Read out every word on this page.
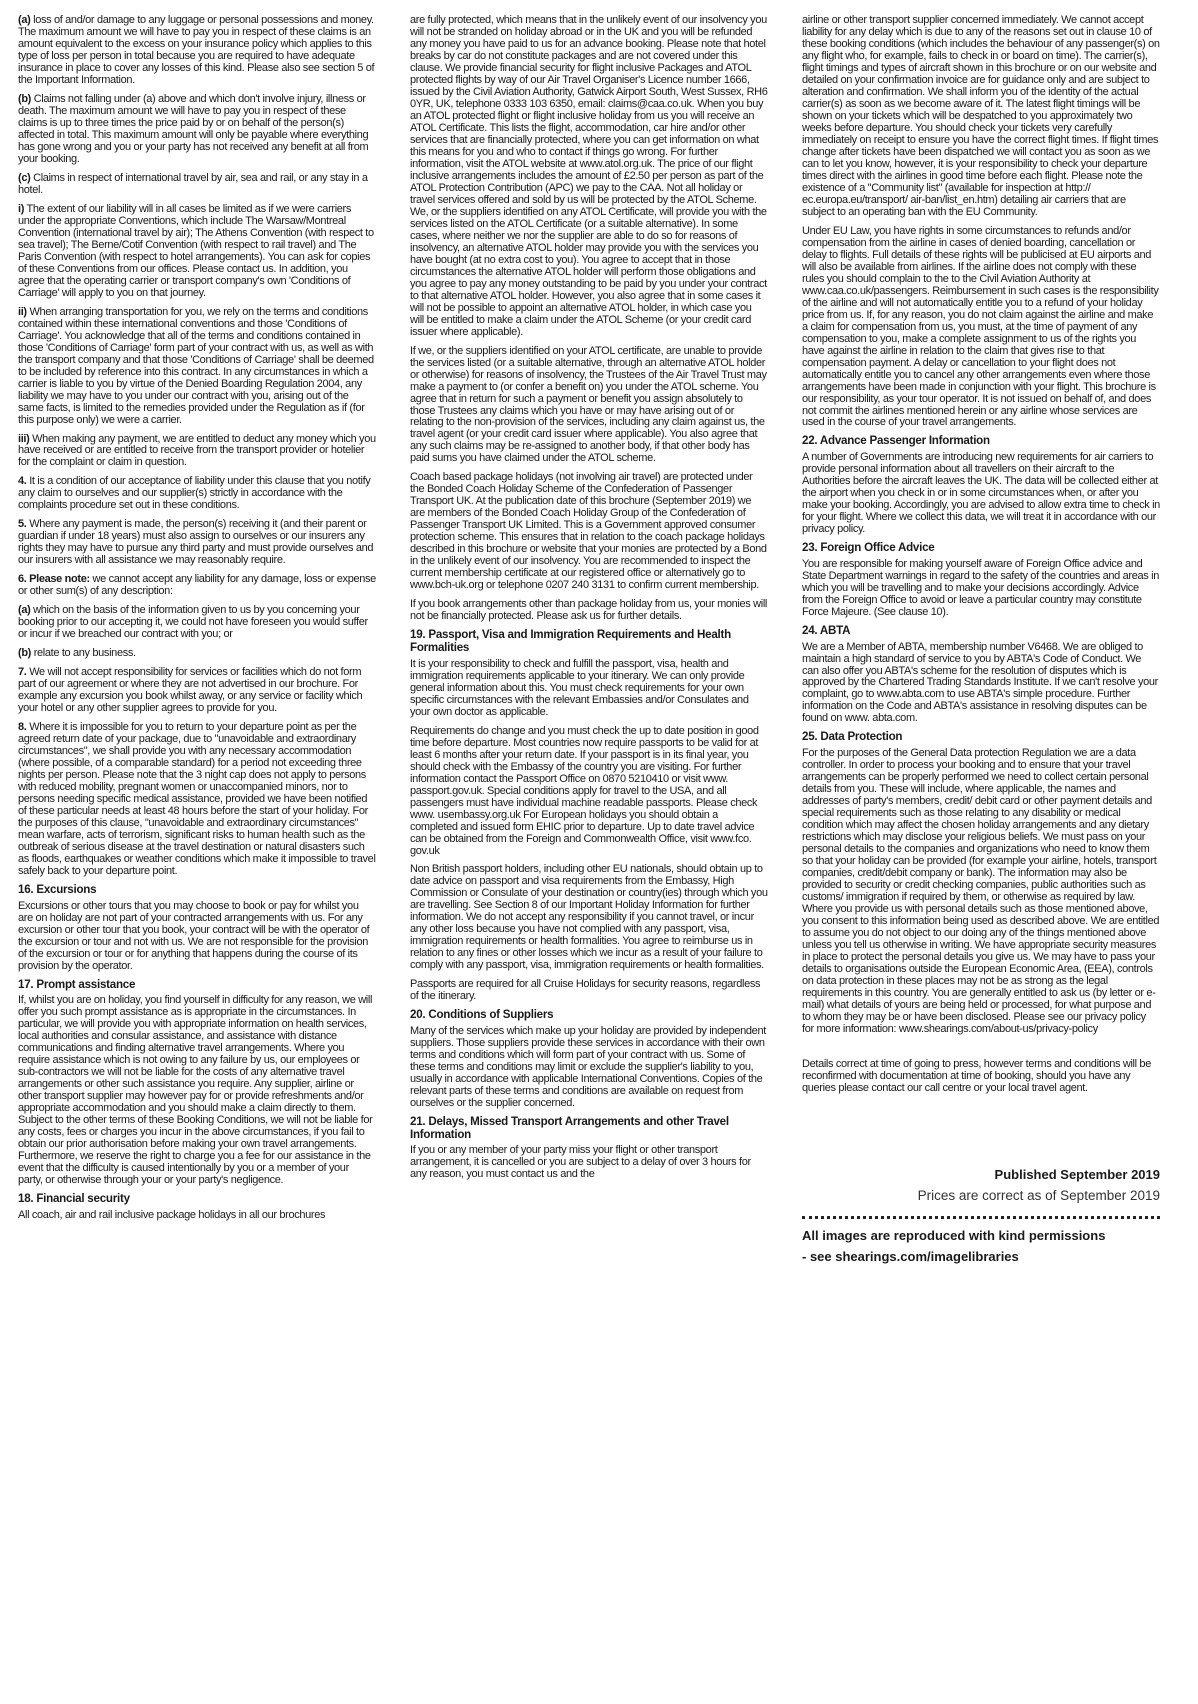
(a) loss of and/or damage to any luggage or personal possessions and money. The maximum amount we will have to pay you in respect of these claims is an amount equivalent to the excess on your insurance policy which applies to this type of loss per person in total because you are required to have adequate insurance in place to cover any losses of this kind. Please also see section 5 of the Important Information.

(b) Claims not falling under (a) above and which don't involve injury, illness or death. The maximum amount we will have to pay you in respect of these claims is up to three times the price paid by or on behalf of the person(s) affected in total. This maximum amount will only be payable where everything has gone wrong and you or your party has not received any benefit at all from your booking.

(c) Claims in respect of international travel by air, sea and rail, or any stay in a hotel.

i) The extent of our liability will in all cases be limited as if we were carriers under the appropriate Conventions, which include The Warsaw/Montreal Convention (international travel by air); The Athens Convention (with respect to sea travel); The Berne/Cotif Convention (with respect to rail travel) and The Paris Convention (with respect to hotel arrangements). You can ask for copies of these Conventions from our offices. Please contact us. In addition, you agree that the operating carrier or transport company's own 'Conditions of Carriage' will apply to you on that journey.

ii) When arranging transportation for you, we rely on the terms and conditions contained within these international conventions and those 'Conditions of Carriage'. You acknowledge that all of the terms and conditions contained in those 'Conditions of Carriage' form part of your contract with us, as well as with the transport company and that those 'Conditions of Carriage' shall be deemed to be included by reference into this contract. In any circumstances in which a carrier is liable to you by virtue of the Denied Boarding Regulation 2004, any liability we may have to you under our contract with you, arising out of the same facts, is limited to the remedies provided under the Regulation as if (for this purpose only) we were a carrier.

iii) When making any payment, we are entitled to deduct any money which you have received or are entitled to receive from the transport provider or hotelier for the complaint or claim in question.

4. It is a condition of our acceptance of liability under this clause that you notify any claim to ourselves and our supplier(s) strictly in accordance with the complaints procedure set out in these conditions.

5. Where any payment is made, the person(s) receiving it (and their parent or guardian if under 18 years) must also assign to ourselves or our insurers any rights they may have to pursue any third party and must provide ourselves and our insurers with all assistance we may reasonably require.

6. Please note: we cannot accept any liability for any damage, loss or expense or other sum(s) of any description:

(a) which on the basis of the information given to us by you concerning your booking prior to our accepting it, we could not have foreseen you would suffer or incur if we breached our contract with you; or

(b) relate to any business.

7. We will not accept responsibility for services or facilities which do not form part of our agreement or where they are not advertised in our brochure. For example any excursion you book whilst away, or any service or facility which your hotel or any other supplier agrees to provide for you.

8. Where it is impossible for you to return to your departure point as per the agreed return date of your package, due to "unavoidable and extraordinary circumstances", we shall provide you with any necessary accommodation (where possible, of a comparable standard) for a period not exceeding three nights per person. Please note that the 3 night cap does not apply to persons with reduced mobility, pregnant women or unaccompanied minors, nor to persons needing specific medical assistance, provided we have been notified of these particular needs at least 48 hours before the start of your holiday. For the purposes of this clause, "unavoidable and extraordinary circumstances" mean warfare, acts of terrorism, significant risks to human health such as the outbreak of serious disease at the travel destination or natural disasters such as floods, earthquakes or weather conditions which make it impossible to travel safely back to your departure point.

16. Excursions

Excursions or other tours that you may choose to book or pay for whilst you are on holiday are not part of your contracted arrangements with us. For any excursion or other tour that you book, your contract will be with the operator of the excursion or tour and not with us. We are not responsible for the provision of the excursion or tour or for anything that happens during the course of its provision by the operator.

17. Prompt assistance

If, whilst you are on holiday, you find yourself in difficulty for any reason, we will offer you such prompt assistance as is appropriate in the circumstances. In particular, we will provide you with appropriate information on health services, local authorities and consular assistance, and assistance with distance communications and finding alternative travel arrangements. Where you require assistance which is not owing to any failure by us, our employees or sub-contractors we will not be liable for the costs of any alternative travel arrangements or other such assistance you require. Any supplier, airline or other transport supplier may however pay for or provide refreshments and/or appropriate accommodation and you should make a claim directly to them. Subject to the other terms of these Booking Conditions, we will not be liable for any costs, fees or charges you incur in the above circumstances, if you fail to obtain our prior authorisation before making your own travel arrangements. Furthermore, we reserve the right to charge you a fee for our assistance in the event that the difficulty is caused intentionally by you or a member of your party, or otherwise through your or your party's negligence.

18. Financial security

All coach, air and rail inclusive package holidays in all our brochures

are fully protected, which means that in the unlikely event of our insolvency you will not be stranded on holiday abroad or in the UK and you will be refunded any money you have paid to us for an advance booking. Please note that hotel breaks by car do not constitute packages and are not covered under this clause. We provide financial security for flight inclusive Packages and ATOL protected flights by way of our Air Travel Organiser's Licence number 1666, issued by the Civil Aviation Authority, Gatwick Airport South, West Sussex, RH6 0YR, UK, telephone 0333 103 6350, email: claims@caa.co.uk. When you buy an ATOL protected flight or flight inclusive holiday from us you will receive an ATOL Certificate. This lists the flight, accommodation, car hire and/or other services that are financially protected, where you can get information on what this means for you and who to contact if things go wrong. For further information, visit the ATOL website at www.atol.org.uk. The price of our flight inclusive arrangements includes the amount of £2.50 per person as part of the ATOL Protection Contribution (APC) we pay to the CAA. Not all holiday or travel services offered and sold by us will be protected by the ATOL Scheme. We, or the suppliers identified on any ATOL Certificate, will provide you with the services listed on the ATOL Certificate (or a suitable alternative). In some cases, where neither we nor the supplier are able to do so for reasons of insolvency, an alternative ATOL holder may provide you with the services you have bought (at no extra cost to you). You agree to accept that in those circumstances the alternative ATOL holder will perform those obligations and you agree to pay any money outstanding to be paid by you under your contract to that alternative ATOL holder. However, you also agree that in some cases it will not be possible to appoint an alternative ATOL holder, in which case you will be entitled to make a claim under the ATOL Scheme (or your credit card issuer where applicable).

If we, or the suppliers identified on your ATOL certificate, are unable to provide the services listed (or a suitable alternative, through an alternative ATOL holder or otherwise) for reasons of insolvency, the Trustees of the Air Travel Trust may make a payment to (or confer a benefit on) you under the ATOL scheme. You agree that in return for such a payment or benefit you assign absolutely to those Trustees any claims which you have or may have arising out of or relating to the non-provision of the services, including any claim against us, the travel agent (or your credit card issuer where applicable). You also agree that any such claims may be re-assigned to another body, if that other body has paid sums you have claimed under the ATOL scheme.

Coach based package holidays (not involving air travel) are protected under the Bonded Coach Holiday Scheme of the Confederation of Passenger Transport UK. At the publication date of this brochure (September 2019) we are members of the Bonded Coach Holiday Group of the Confederation of Passenger Transport UK Limited. This is a Government approved consumer protection scheme. This ensures that in relation to the coach package holidays described in this brochure or website that your monies are protected by a Bond in the unlikely event of our insolvency. You are recommended to inspect the current membership certificate at our registered office or alternatively go to www.bch-uk.org or telephone 0207 240 3131 to confirm current membership.

If you book arrangements other than package holiday from us, your monies will not be financially protected. Please ask us for further details.

19. Passport, Visa and Immigration Requirements and Health Formalities

It is your responsibility to check and fulfill the passport, visa, health and immigration requirements applicable to your itinerary. We can only provide general information about this. You must check requirements for your own specific circumstances with the relevant Embassies and/or Consulates and your own doctor as applicable.

Requirements do change and you must check the up to date position in good time before departure. Most countries now require passports to be valid for at least 6 months after your return date. If your passport is in its final year, you should check with the Embassy of the country you are visiting. For further information contact the Passport Office on 0870 5210410 or visit www. passport.gov.uk. Special conditions apply for travel to the USA, and all passengers must have individual machine readable passports. Please check www. usembassy.org.uk For European holidays you should obtain a completed and issued form EHIC prior to departure. Up to date travel advice can be obtained from the Foreign and Commonwealth Office, visit www.fco. gov.uk

Non British passport holders, including other EU nationals, should obtain up to date advice on passport and visa requirements from the Embassy, High Commission or Consulate of your destination or country(ies) through which you are travelling. See Section 8 of our Important Holiday Information for further information. We do not accept any responsibility if you cannot travel, or incur any other loss because you have not complied with any passport, visa, immigration requirements or health formalities. You agree to reimburse us in relation to any fines or other losses which we incur as a result of your failure to comply with any passport, visa, immigration requirements or health formalities.

Passports are required for all Cruise Holidays for security reasons, regardless of the itinerary.

20. Conditions of Suppliers

Many of the services which make up your holiday are provided by independent suppliers. Those suppliers provide these services in accordance with their own terms and conditions which will form part of your contract with us. Some of these terms and conditions may limit or exclude the supplier's liability to you, usually in accordance with applicable International Conventions. Copies of the relevant parts of these terms and conditions are available on request from ourselves or the supplier concerned.

21. Delays, Missed Transport Arrangements and other Travel Information

If you or any member of your party miss your flight or other transport arrangement, it is cancelled or you are subject to a delay of over 3 hours for any reason, you must contact us and the

airline or other transport supplier concerned immediately. We cannot accept liability for any delay which is due to any of the reasons set out in clause 10 of these booking conditions (which includes the behaviour of any passenger(s) on any flight who, for example, fails to check in or board on time). The carrier(s), flight timings and types of aircraft shown in this brochure or on our website and detailed on your confirmation invoice are for guidance only and are subject to alteration and confirmation. We shall inform you of the identity of the actual carrier(s) as soon as we become aware of it. The latest flight timings will be shown on your tickets which will be despatched to you approximately two weeks before departure. You should check your tickets very carefully immediately on receipt to ensure you have the correct flight times. If flight times change after tickets have been dispatched we will contact you as soon as we can to let you know, however, it is your responsibility to check your departure times direct with the airlines in good time before each flight. Please note the existence of a "Community list" (available for inspection at http:// ec.europa.eu/transport/ air-ban/list_en.htm) detailing air carriers that are subject to an operating ban with the EU Community.

Under EU Law, you have rights in some circumstances to refunds and/or compensation from the airline in cases of denied boarding, cancellation or delay to flights. Full details of these rights will be publicised at EU airports and will also be available from airlines. If the airline does not comply with these rules you should complain to the to the Civil Aviation Authority at www.caa.co.uk/passengers. Reimbursement in such cases is the responsibility of the airline and will not automatically entitle you to a refund of your holiday price from us. If, for any reason, you do not claim against the airline and make a claim for compensation from us, you must, at the time of payment of any compensation to you, make a complete assignment to us of the rights you have against the airline in relation to the claim that gives rise to that compensation payment. A delay or cancellation to your flight does not automatically entitle you to cancel any other arrangements even where those arrangements have been made in conjunction with your flight. This brochure is our responsibility, as your tour operator. It is not issued on behalf of, and does not commit the airlines mentioned herein or any airline whose services are used in the course of your travel arrangements.

22. Advance Passenger Information

A number of Governments are introducing new requirements for air carriers to provide personal information about all travellers on their aircraft to the Authorities before the aircraft leaves the UK. The data will be collected either at the airport when you check in or in some circumstances when, or after you make your booking. Accordingly, you are advised to allow extra time to check in for your flight. Where we collect this data, we will treat it in accordance with our privacy policy.

23. Foreign Office Advice

You are responsible for making yourself aware of Foreign Office advice and State Department warnings in regard to the safety of the countries and areas in which you will be travelling and to make your decisions accordingly. Advice from the Foreign Office to avoid or leave a particular country may constitute Force Majeure. (See clause 10).

24. ABTA

We are a Member of ABTA, membership number V6468. We are obliged to maintain a high standard of service to you by ABTA's Code of Conduct. We can also offer you ABTA's scheme for the resolution of disputes which is approved by the Chartered Trading Standards Institute. If we can't resolve your complaint, go to www.abta.com to use ABTA's simple procedure. Further information on the Code and ABTA's assistance in resolving disputes can be found on www. abta.com.

25. Data Protection

For the purposes of the General Data protection Regulation we are a data controller. In order to process your booking and to ensure that your travel arrangements can be properly performed we need to collect certain personal details from you. These will include, where applicable, the names and addresses of party's members, credit/ debit card or other payment details and special requirements such as those relating to any disability or medical condition which may affect the chosen holiday arrangements and any dietary restrictions which may disclose your religious beliefs. We must pass on your personal details to the companies and organizations who need to know them so that your holiday can be provided (for example your airline, hotels, transport companies, credit/debit company or bank). The information may also be provided to security or credit checking companies, public authorities such as customs/ immigration if required by them, or otherwise as required by law. Where you provide us with personal details such as those mentioned above, you consent to this information being used as described above. We are entitled to assume you do not object to our doing any of the things mentioned above unless you tell us otherwise in writing. We have appropriate security measures in place to protect the personal details you give us. We may have to pass your details to organisations outside the European Economic Area, (EEA), controls on data protection in these places may not be as strong as the legal requirements in this country. You are generally entitled to ask us (by letter or e-mail) what details of yours are being held or processed, for what purpose and to whom they may be or have been disclosed. Please see our privacy policy for more information: www.shearings.com/about-us/privacy-policy

Details correct at time of going to press, however terms and conditions will be reconfirmed with documentation at time of booking, should you have any queries please contact our call centre or your local travel agent.

Published September 2019

Prices are correct as of September 2019

All images are reproduced with kind permissions

- see shearings.com/imagelibraries
